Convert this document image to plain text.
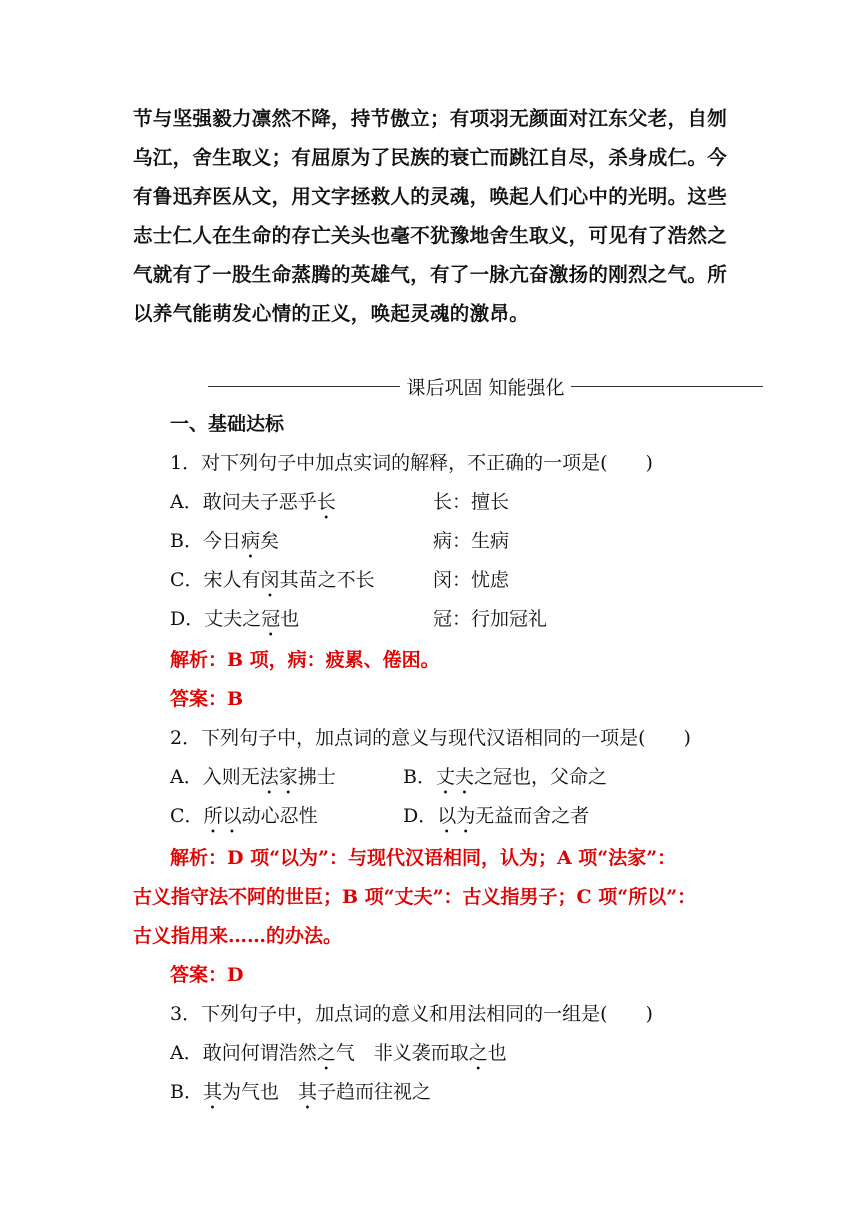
节与坚强毅力凛然不降，持节傲立；有项羽无颜面对江东父老，自刎

乌江，舍生取义；有屈原为了民族的衰亡而跳江自尽，杀身成仁。今

有鲁迅弃医从文，用文字拯救人的灵魂，唤起人们心中的光明。这些

志士仁人在生命的存亡关头也毫不犹豫地舍生取义，可见有了浩然之

气就有了一股生命蒸腾的英雄气，有了一脉亢奋激扬的刚烈之气。所

以养气能萌发心情的正义，唤起灵魂的激昂。

课后巩固 知能强化
一、基础达标
1．对下列句子中加点实词的解释，不正确的一项是(　　)
A．敢问夫子恶乎长	长：擅长
B．今日病矣	病：生病
C．宋人有闵其苗之不长	闵：忧虑
D．丈夫之冠也	冠：行加冠礼
解析：B 项，病：疲累、倦困。
答案：B
2．下列句子中，加点词的意义与现代汉语相同的一项是(　　)
A．入则无法家拂士	B．丈夫之冠也，父命之
C．所以动心忍性	D．以为无益而舍之者
解析：D 项“以为”：与现代汉语相同，认为；A 项“法家”：
古义指守法不阿的世臣；B 项“丈夫”：古义指男子；C 项“所以”：
古义指用来……的办法。
答案：D
3．下列句子中，加点词的意义和用法相同的一组是(　　)
A．敢问何谓浩然之气　非义袭而取之也
B．其为气也　其子趋而往视之
